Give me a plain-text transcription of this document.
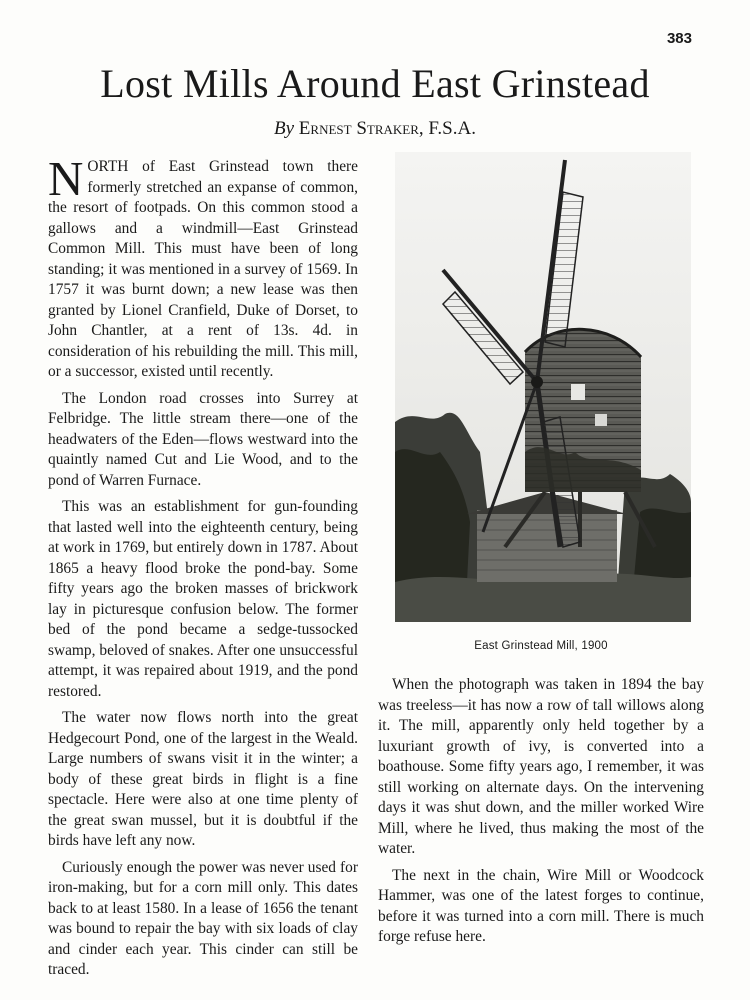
383
Lost Mills Around East Grinstead
By Ernest Straker, F.S.A.

NORTH of East Grinstead town there formerly stretched an expanse of common, the resort of footpads. On this common stood a gallows and a windmill—East Grinstead Common Mill. This must have been of long standing; it was mentioned in a survey of 1569. In 1757 it was burnt down; a new lease was then granted by Lionel Cranfield, Duke of Dorset, to John Chantler, at a rent of 13s. 4d. in consideration of his rebuilding the mill. This mill, or a successor, existed until recently.

The London road crosses into Surrey at Felbridge. The little stream there—one of the headwaters of the Eden—flows westward into the quaintly named Cut and Lie Wood, and to the pond of Warren Furnace.

This was an establishment for gun-founding that lasted well into the eighteenth century, being at work in 1769, but entirely down in 1787. About 1865 a heavy flood broke the pond-bay. Some fifty years ago the broken masses of brickwork lay in picturesque confusion below. The former bed of the pond became a sedge-tussocked swamp, beloved of snakes. After one unsuccessful attempt, it was repaired about 1919, and the pond restored.

The water now flows north into the great Hedgecourt Pond, one of the largest in the Weald. Large numbers of swans visit it in the winter; a body of these great birds in flight is a fine spectacle. Here were also at one time plenty of the great swan mussel, but it is doubtful if the birds have left any now.

Curiously enough the power was never used for iron-making, but for a corn mill only. This dates back to at least 1580. In a lease of 1656 the tenant was bound to repair the bay with six loads of clay and cinder each year. This cinder can still be traced.

East Grinstead Mill, 1900

When the photograph was taken in 1894 the bay was treeless—it has now a row of tall willows along it. The mill, apparently only held together by a luxuriant growth of ivy, is converted into a boathouse. Some fifty years ago, I remember, it was still working on alternate days. On the intervening days it was shut down, and the miller worked Wire Mill, where he lived, thus making the most of the water.

The next in the chain, Wire Mill or Woodcock Hammer, was one of the latest forges to continue, before it was turned into a corn mill. There is much forge refuse here.
